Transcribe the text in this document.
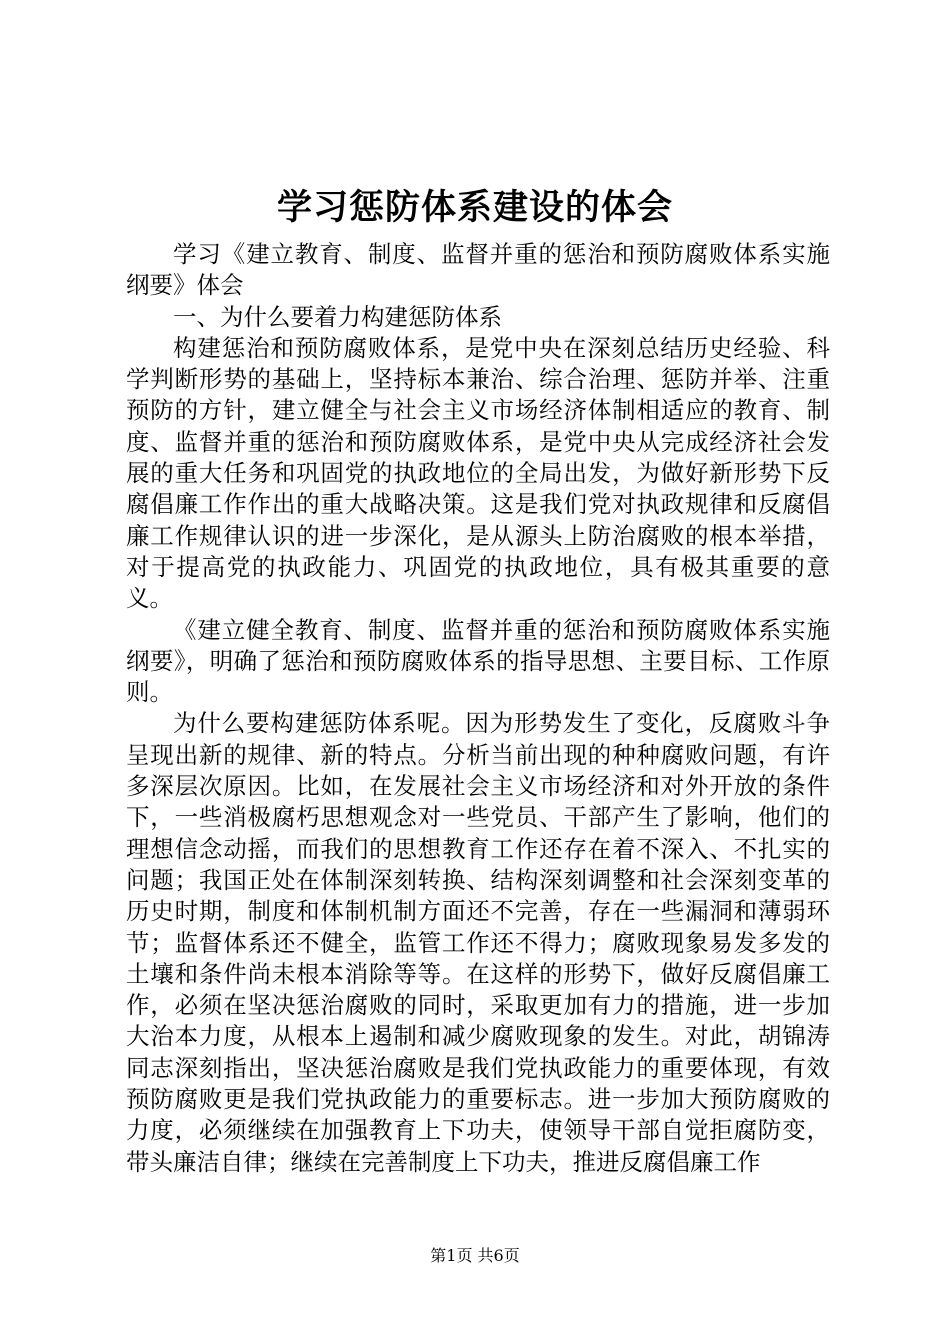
学习惩防体系建设的体会

学习《建立教育、制度、监督并重的惩治和预防腐败体系实施纲要》体会

一、为什么要着力构建惩防体系

构建惩治和预防腐败体系，是党中央在深刻总结历史经验、科学判断形势的基础上，坚持标本兼治、综合治理、惩防并举、注重预防的方针，建立健全与社会主义市场经济体制相适应的教育、制度、监督并重的惩治和预防腐败体系，是党中央从完成经济社会发展的重大任务和巩固党的执政地位的全局出发，为做好新形势下反腐倡廉工作作出的重大战略决策。这是我们党对执政规律和反腐倡廉工作规律认识的进一步深化，是从源头上防治腐败的根本举措，对于提高党的执政能力、巩固党的执政地位，具有极其重要的意义。

《建立健全教育、制度、监督并重的惩治和预防腐败体系实施纲要》，明确了惩治和预防腐败体系的指导思想、主要目标、工作原则。

为什么要构建惩防体系呢。因为形势发生了变化，反腐败斗争呈现出新的规律、新的特点。分析当前出现的种种腐败问题，有许多深层次原因。比如，在发展社会主义市场经济和对外开放的条件下，一些消极腐朽思想观念对一些党员、干部产生了影响，他们的理想信念动摇，而我们的思想教育工作还存在着不深入、不扎实的问题；我国正处在体制深刻转换、结构深刻调整和社会深刻变革的历史时期，制度和体制机制方面还不完善，存在一些漏洞和薄弱环节；监督体系还不健全，监管工作还不得力；腐败现象易发多发的土壤和条件尚未根本消除等等。在这样的形势下，做好反腐倡廉工作，必须在坚决惩治腐败的同时，采取更加有力的措施，进一步加大治本力度，从根本上遏制和减少腐败现象的发生。对此，胡锦涛同志深刻指出，坚决惩治腐败是我们党执政能力的重要体现，有效预防腐败更是我们党执政能力的重要标志。进一步加大预防腐败的力度，必须继续在加强教育上下功夫，使领导干部自觉拒腐防变，带头廉洁自律；继续在完善制度上下功夫，推进反腐倡廉工作

第1页 共6页
